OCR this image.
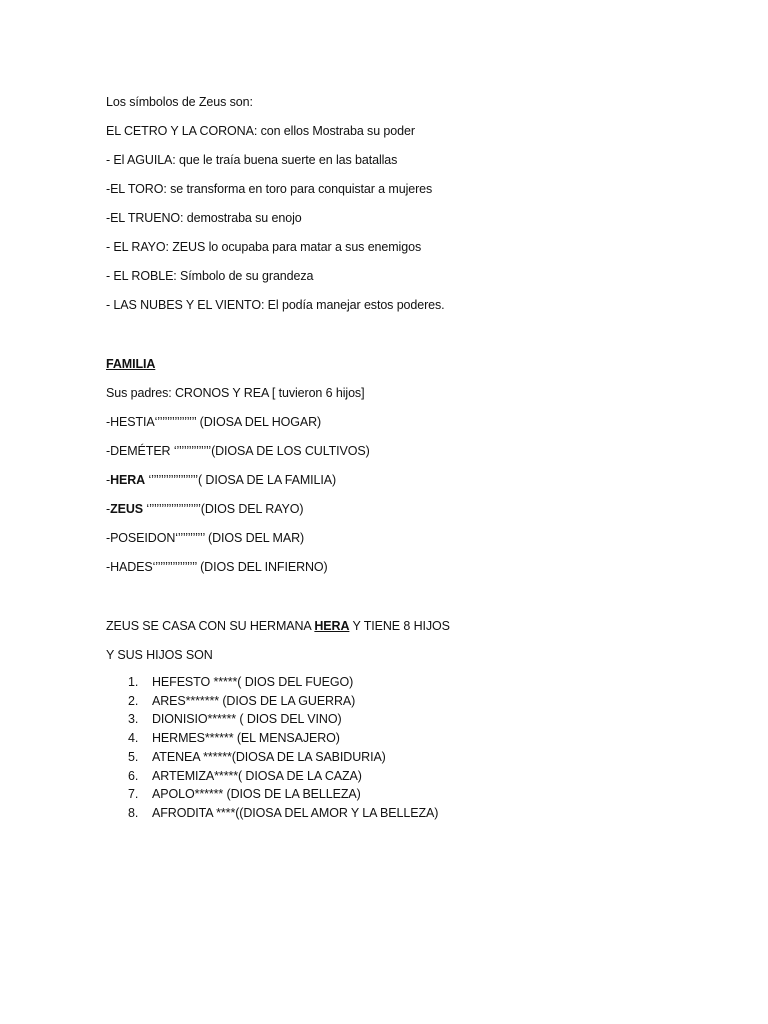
Los símbolos de Zeus son:
EL CETRO Y LA CORONA: con ellos Mostraba su poder
- El AGUILA: que le traía buena suerte en las batallas
-EL TORO: se transforma en toro para conquistar a mujeres
-EL TRUENO: demostraba su enojo
- EL RAYO: ZEUS lo ocupaba para matar a sus enemigos
- EL ROBLE: Símbolo de su grandeza
- LAS NUBES Y EL VIENTO: El podía manejar estos poderes.
FAMILIA
Sus padres: CRONOS Y REA [ tuvieron 6 hijos]
-HESTIA‘’’’’’’’’’’’’’’’’ (DIOSA DEL HOGAR)
-DEMÉTER ‘’’’’’’’’’’’’’’(DIOSA DE LOS CULTIVOS)
-HERA ‘’’’’’’’’’’’’’’’’’’’( DIOSA DE LA FAMILIA)
-ZEUS ‘’’’’’’’’’’’’’’’’’’’’’(DIOS DEL RAYO)
-POSEIDON‘’’’’’’’’’’’ (DIOS DEL MAR)
-HADES‘’’’’’’’’’’’’’’’’’ (DIOS DEL INFIERNO)
ZEUS SE CASA CON SU HERMANA HERA Y TIENE 8 HIJOS
Y SUS HIJOS SON
1. HEFESTO *****( DIOS DEL FUEGO)
2. ARES******* (DIOS DE LA GUERRA)
3. DIONISIO****** ( DIOS DEL VINO)
4. HERMES****** (EL MENSAJERO)
5. ATENEA ******(DIOSA DE LA SABIDURIA)
6. ARTEMIZA*****( DIOSA DE LA CAZA)
7. APOLO****** (DIOS DE LA BELLEZA)
8. AFRODITA ****((DIOSA DEL AMOR Y LA BELLEZA)
